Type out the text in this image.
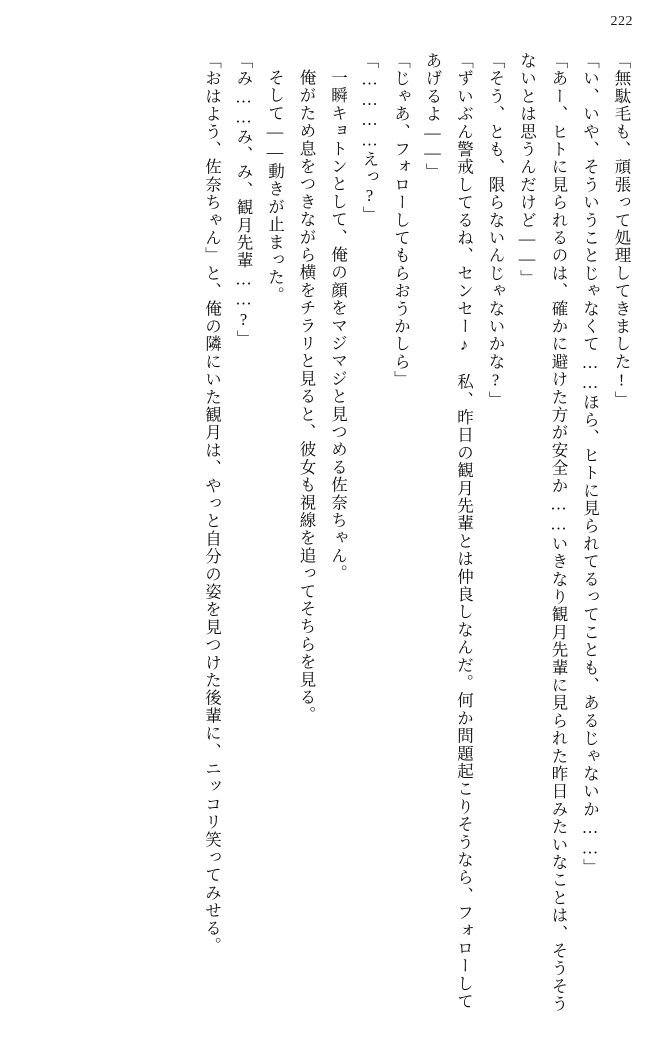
222

「無駄毛も、頑張って処理してきました!」

「い、いや、そういうことじゃなくて……ほら、ヒトに見られてるってことも、あるじゃないか……」

「あー、ヒトに見られるのは、確かに避けた方が安全か……いきなり観月先輩に見られた昨日みたいなことは、そうそうないとは思うんだけど——」

「そう、とも、限らないんじゃないかな?」

「ずいぶん警戒してるね、センセー♪　私、昨日の観月先輩とは仲良しなんだ。何か問題起こりそうなら、フォローしてあげるよ——」

「じゃあ、フォローしてもらおうかしら」

「…………えっ?」

一瞬キョトンとして、俺の顔をマジマジと見つめる佐奈ちゃん。

俺がため息をつきながら横をチラリと見ると、彼女も視線を追ってそちらを見る。

そして——動きが止まった。

「み……み、み、観月先輩……?」

「おはよう、佐奈ちゃん」と、俺の隣にいた観月は、やっと自分の姿を見つけた後輩に、ニッコリ笑ってみせる。
